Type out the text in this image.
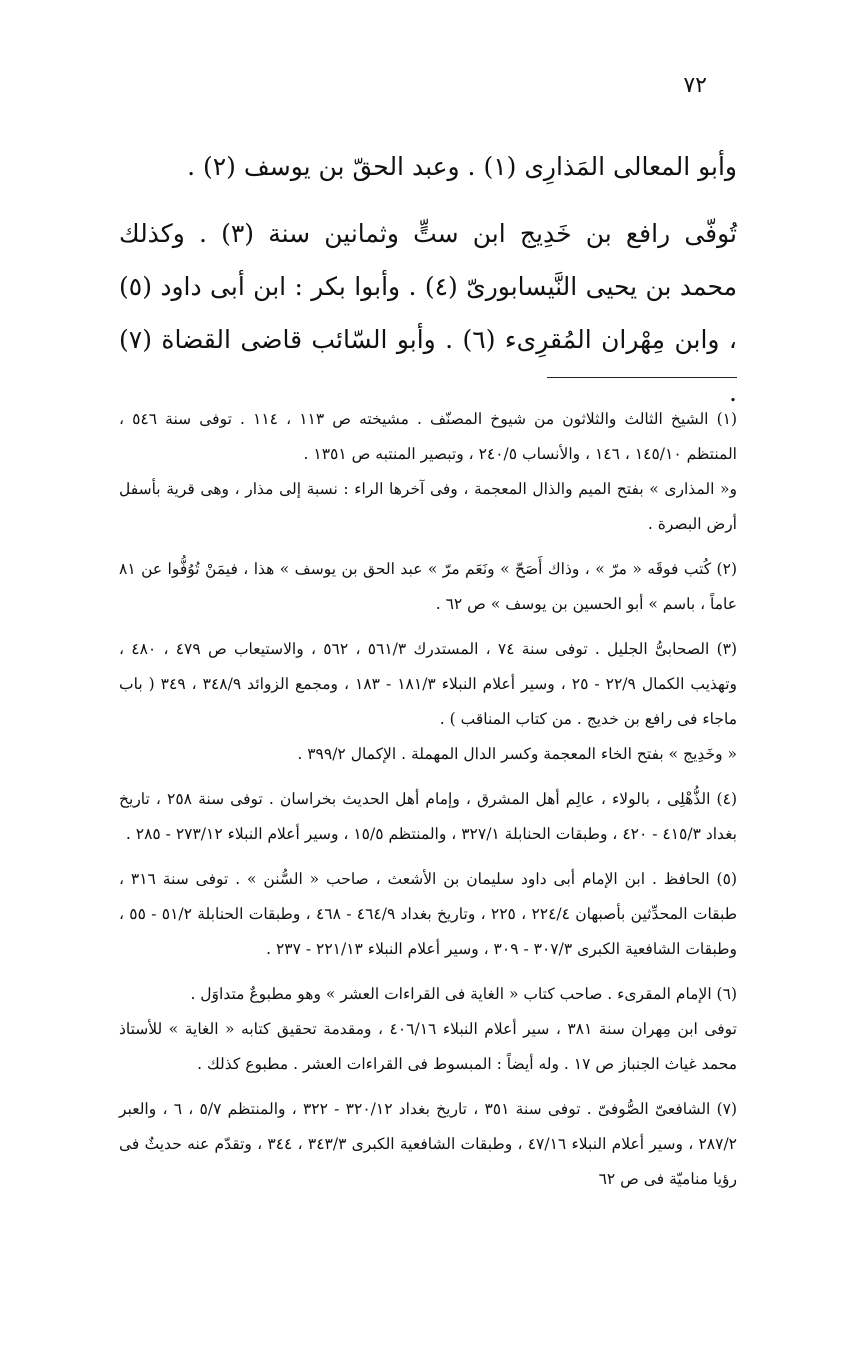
٧٢

وأبو المعالى المَذارِى (١) . وعبد الحقّ بن يوسف (٢) .

تُوفّى رافع بن خَدِيج ابن ستٍّ وثمانين سنة (٣) . وكذلك محمد بن يحيى النَّيسابورىّ (٤) . وأبوا بكر : ابن أبى داود (٥) ، وابن مِهْران المُقرِىء (٦) . وأبو السّائب قاضى القضاة (٧) .

(١) الشيخ الثالث والثلاثون من شيوخ المصنّف . مشيخته ص ١١٣ ، ١١٤ . توفى سنة ٥٤٦ ، المنتظم ١٤٥/١٠ ، ١٤٦ ، والأنساب ٢٤٠/٥ ، وتبصير المنتبه ص ١٣٥١ .

و« المذارى » بفتح الميم والذال المعجمة ، وفى آخرها الراء : نسبة إلى مذار ، وهى قرية بأسفل أرض البصرة .

(٢) كُتب فوقَه « مرّ » ، وذاك أَصَحّ » ونَعَم مرّ » عبد الحق بن يوسف » هذا ، فيمَنْ تُوُفُّوا عن ٨١ عاماً ، باسم » أبو الحسين بن يوسف » ص ٦٢ .

(٣) الصحابىُّ الجليل . توفى سنة ٧٤ ، المستدرك ٥٦١/٣ ، ٥٦٢ ، والاستيعاب ص ٤٧٩ ، ٤٨٠ ، وتهذيب الكمال ٢٢/٩ - ٢٥ ، وسير أعلام النبلاء ١٨١/٣ - ١٨٣ ، ومجمع الزوائد ٣٤٨/٩ ، ٣٤٩ ( باب ماجاء فى رافع بن خديج . من كتاب المناقب ) .

« وخَدِيج » بفتح الخاء المعجمة وكسر الدال المهملة . الإكمال ٣٩٩/٢ .

(٤) الذُّهْلِى ، بالولاء ، عالِم أهل المشرق ، وإمام أهل الحديث بخراسان . توفى سنة ٢٥٨ ، تاريخ بغداد ٤١٥/٣ - ٤٢٠ ، وطبقات الحنابلة ٣٢٧/١ ، والمنتظم ١٥/٥ ، وسير أعلام النبلاء ٢٧٣/١٢ - ٢٨٥ .

(٥) الحافظ . ابن الإمام أبى داود سليمان بن الأشعث ، صاحب « السُّنن » . توفى سنة ٣١٦ ، طبقات المحدِّثين بأصبهان ٢٢٤/٤ ، ٢٢٥ ، وتاريخ بغداد ٤٦٤/٩ - ٤٦٨ ، وطبقات الحنابلة ٥١/٢ - ٥٥ ، وطبقات الشافعية الكبرى ٣٠٧/٣ - ٣٠٩ ، وسير أعلام النبلاء ٢٢١/١٣ - ٢٣٧ .

(٦) الإمام المقرىء . صاحب كتاب « الغاية فى القراءات العشر » وهو مطبوعٌ متداوَل .

توفى ابن مِهران سنة ٣٨١ ، سير أعلام النبلاء ٤٠٦/١٦ ، ومقدمة تحقيق كتابه « الغاية » للأستاذ محمد غياث الجنباز ص ١٧ . وله أيضاً : المبسوط فى القراءات العشر . مطبوع كذلك .

(٧) الشافعىّ الصُّوفىّ . توفى سنة ٣٥١ ، تاريخ بغداد ٣٢٠/١٢ - ٣٢٢ ، والمنتظم ٥/٧ ، ٦ ، والعبر ٢٨٧/٢ ، وسير أعلام النبلاء ٤٧/١٦ ، وطبقات الشافعية الكبرى ٣٤٣/٣ ، ٣٤٤ ، وتقدّم عنه حديثٌ فى رؤيا مناميّة فى ص ٦٢
